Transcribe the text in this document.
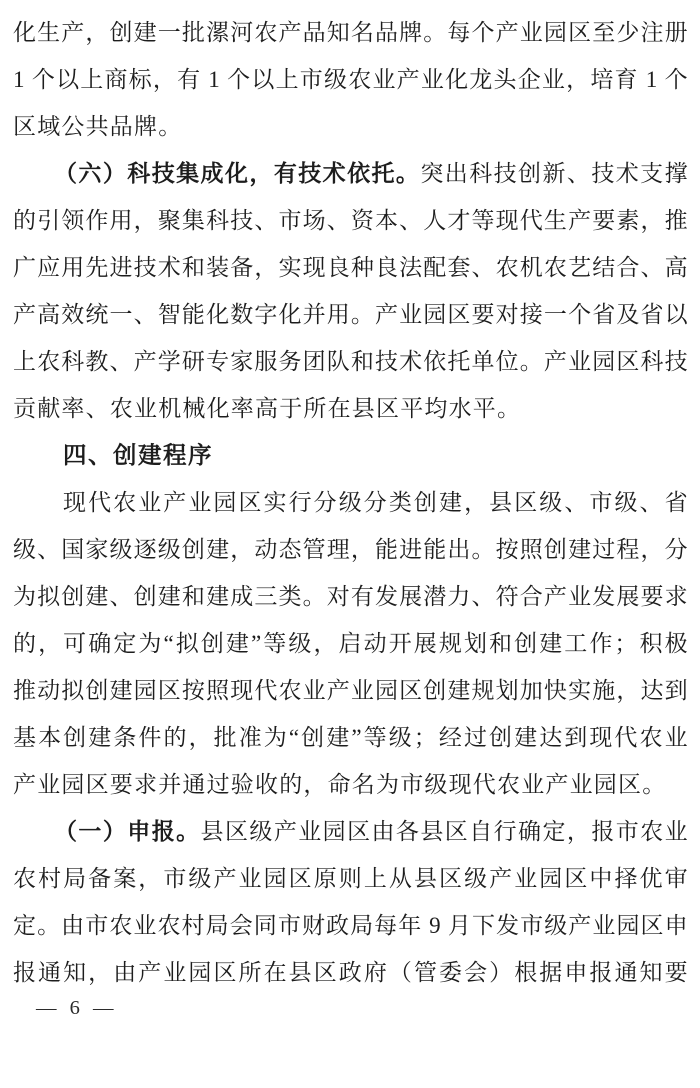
化生产，创建一批漯河农产品知名品牌。每个产业园区至少注册
1 个以上商标，有 1 个以上市级农业产业化龙头企业，培育 1 个
区域公共品牌。
（六）科技集成化，有技术依托。突出科技创新、技术支撑
的引领作用，聚集科技、市场、资本、人才等现代生产要素，推
广应用先进技术和装备，实现良种良法配套、农机农艺结合、高
产高效统一、智能化数字化并用。产业园区要对接一个省及省以
上农科教、产学研专家服务团队和技术依托单位。产业园区科技
贡献率、农业机械化率高于所在县区平均水平。
四、创建程序
现代农业产业园区实行分级分类创建，县区级、市级、省
级、国家级逐级创建，动态管理，能进能出。按照创建过程，分
为拟创建、创建和建成三类。对有发展潜力、符合产业发展要求
的，可确定为“拟创建”等级，启动开展规划和创建工作；积极
推动拟创建园区按照现代农业产业园区创建规划加快实施，达到
基本创建条件的，批准为“创建”等级；经过创建达到现代农业
产业园区要求并通过验收的，命名为市级现代农业产业园区。
（一）申报。县区级产业园区由各县区自行确定，报市农业
农村局备案，市级产业园区原则上从县区级产业园区中择优审
定。由市农业农村局会同市财政局每年 9 月下发市级产业园区申
报通知，由产业园区所在县区政府（管委会）根据申报通知要
— 6 —
